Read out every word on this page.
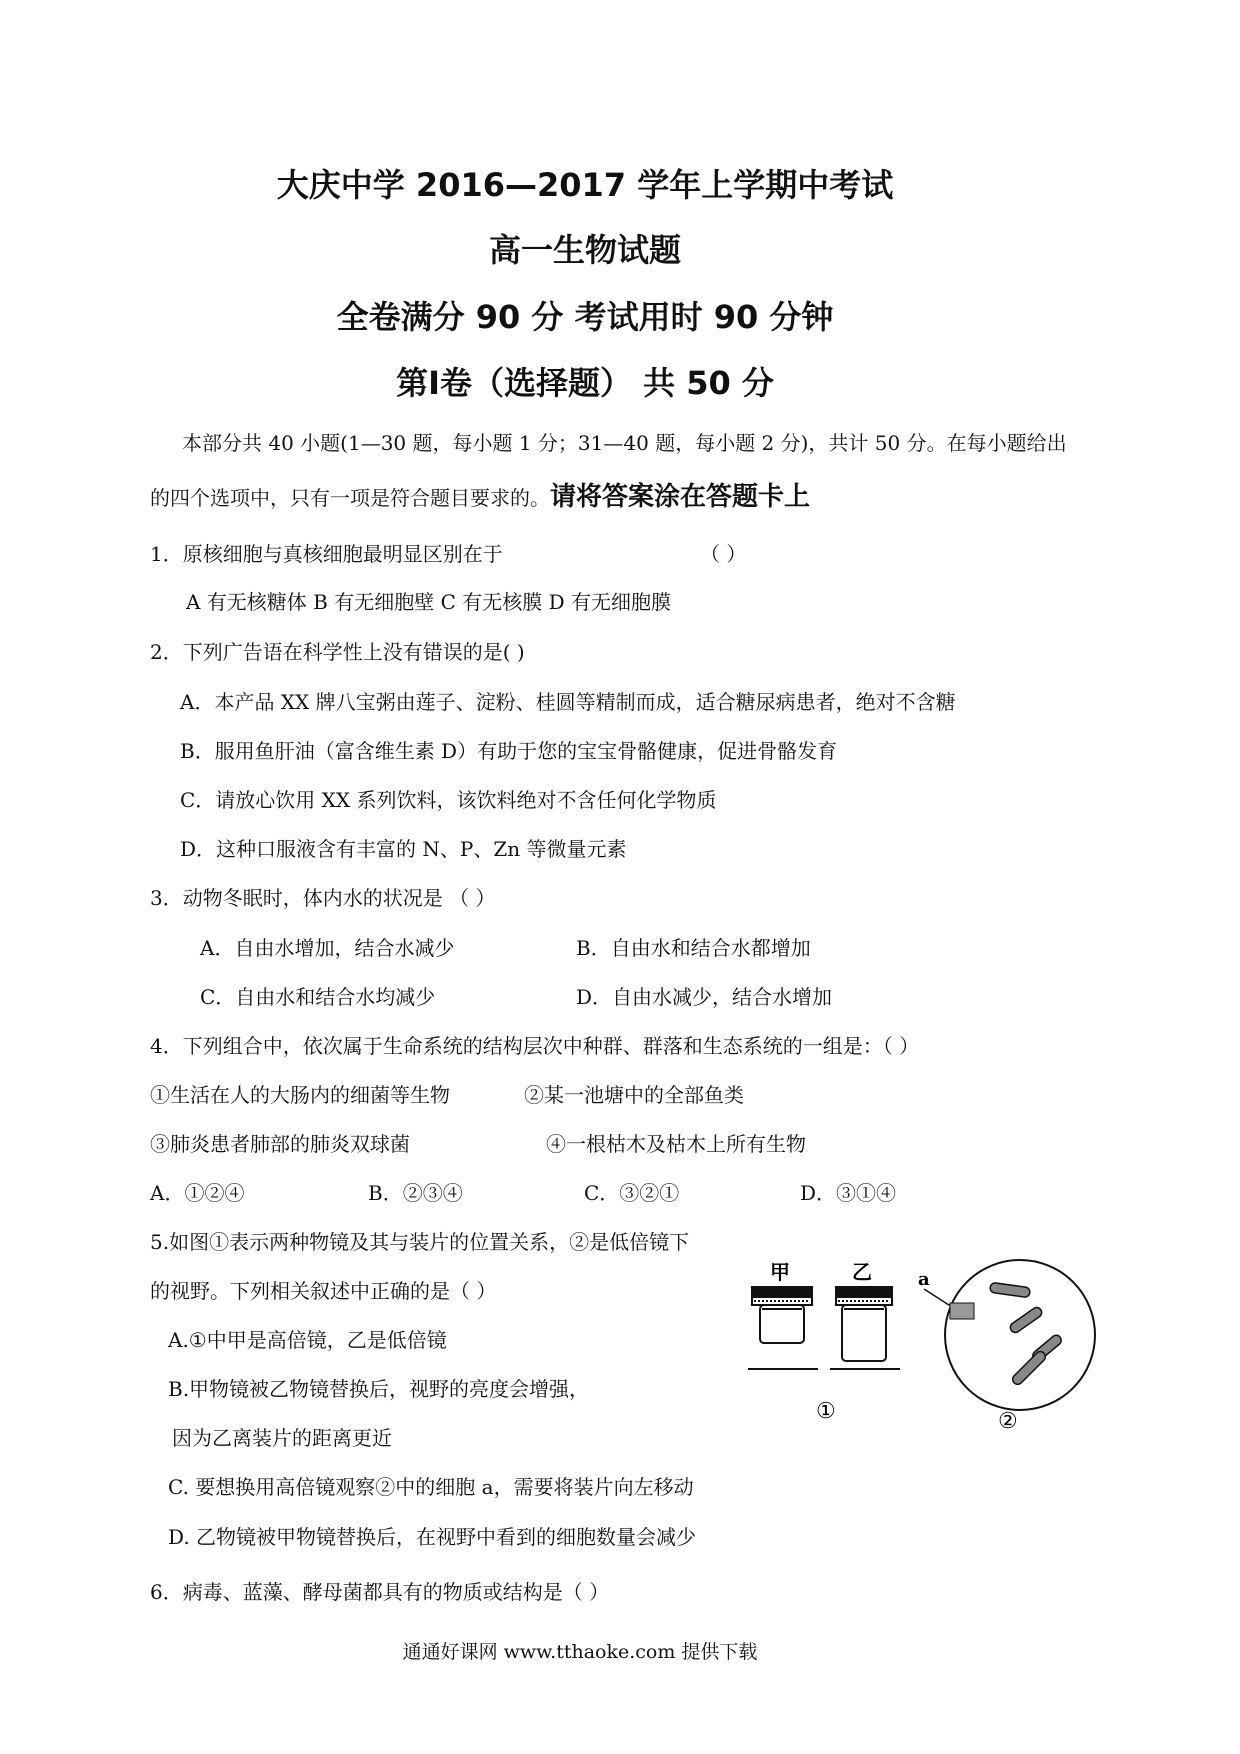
大庆中学 2016—2017 学年上学期中考试
高一生物试题
全卷满分 90 分 考试用时 90 分钟
第Ⅰ卷（选择题） 共 50 分
本部分共 40 小题(1—30 题，每小题 1 分；31—40 题，每小题 2 分)，共计 50 分。在每小题给出
的四个选项中，只有一项是符合题目要求的。请将答案涂在答题卡上
1．原核细胞与真核细胞最明显区别在于	（ ）
A 有无核糖体 B 有无细胞壁 C 有无核膜 D 有无细胞膜
2．下列广告语在科学性上没有错误的是( )
A．本产品 XX 牌八宝粥由莲子、淀粉、桂圆等精制而成，适合糖尿病患者，绝对不含糖
B．服用鱼肝油（富含维生素 D）有助于您的宝宝骨骼健康，促进骨骼发育
C．请放心饮用 XX 系列饮料，该饮料绝对不含任何化学物质
D．这种口服液含有丰富的 N、P、Zn 等微量元素
3．动物冬眠时，体内水的状况是 （ ）
A．自由水增加，结合水减少	B．自由水和结合水都增加
C．自由水和结合水均减少	D．自由水减少，结合水增加
4．下列组合中，依次属于生命系统的结构层次中种群、群落和生态系统的一组是：（ ）
①生活在人的大肠内的细菌等生物	②某一池塘中的全部鱼类
③肺炎患者肺部的肺炎双球菌	④一根枯木及枯木上所有生物
A．①②④	B．②③④	C．③②①	D．③①④
5.如图①表示两种物镜及其与装片的位置关系，②是低倍镜下
的视野。下列相关叙述中正确的是（ ）
A.①中甲是高倍镜，乙是低倍镜
B.甲物镜被乙物镜替换后，视野的亮度会增强，
因为乙离装片的距离更近
C. 要想换用高倍镜观察②中的细胞 a，需要将装片向左移动
D. 乙物镜被甲物镜替换后，在视野中看到的细胞数量会减少
甲	乙
①
a
②
6．病毒、蓝藻、酵母菌都具有的物质或结构是（ ）
通通好课网 www.tthaoke.com 提供下载
